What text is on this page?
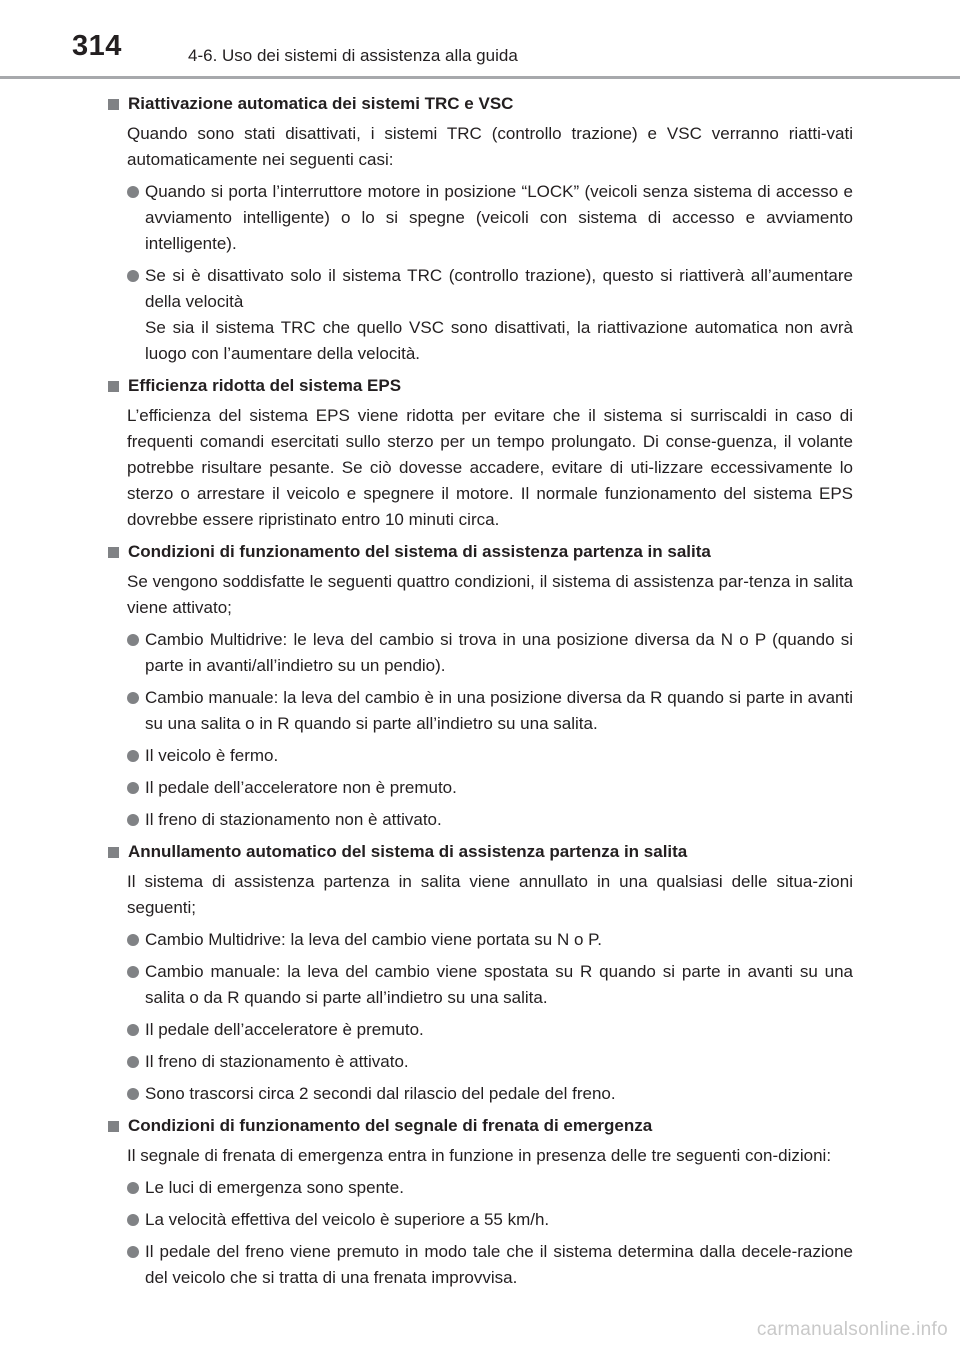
314	4-6. Uso dei sistemi di assistenza alla guida
Riattivazione automatica dei sistemi TRC e VSC
Quando sono stati disattivati, i sistemi TRC (controllo trazione) e VSC verranno riatti-vati automaticamente nei seguenti casi:
Quando si porta l’interruttore motore in posizione “LOCK” (veicoli senza sistema di accesso e avviamento intelligente) o lo si spegne (veicoli con sistema di accesso e avviamento intelligente).
Se si è disattivato solo il sistema TRC (controllo trazione), questo si riattiverà all’aumentare della velocità
Se sia il sistema TRC che quello VSC sono disattivati, la riattivazione automatica non avrà luogo con l’aumentare della velocità.
Efficienza ridotta del sistema EPS
L’efficienza del sistema EPS viene ridotta per evitare che il sistema si surriscaldi in caso di frequenti comandi esercitati sullo sterzo per un tempo prolungato. Di conse-guenza, il volante potrebbe risultare pesante. Se ciò dovesse accadere, evitare di uti-lizzare eccessivamente lo sterzo o arrestare il veicolo e spegnere il motore. Il normale funzionamento del sistema EPS dovrebbe essere ripristinato entro 10 minuti circa.
Condizioni di funzionamento del sistema di assistenza partenza in salita
Se vengono soddisfatte le seguenti quattro condizioni, il sistema di assistenza par-tenza in salita viene attivato;
Cambio Multidrive: le leva del cambio si trova in una posizione diversa da N o P (quando si parte in avanti/all’indietro su un pendio).
Cambio manuale: la leva del cambio è in una posizione diversa da R quando si parte in avanti su una salita o in R quando si parte all’indietro su una salita.
Il veicolo è fermo.
Il pedale dell’acceleratore non è premuto.
Il freno di stazionamento non è attivato.
Annullamento automatico del sistema di assistenza partenza in salita
Il sistema di assistenza partenza in salita viene annullato in una qualsiasi delle situa-zioni seguenti;
Cambio Multidrive: la leva del cambio viene portata su N o P.
Cambio manuale: la leva del cambio viene spostata su R quando si parte in avanti su una salita o da R quando si parte all’indietro su una salita.
Il pedale dell’acceleratore è premuto.
Il freno di stazionamento è attivato.
Sono trascorsi circa 2 secondi dal rilascio del pedale del freno.
Condizioni di funzionamento del segnale di frenata di emergenza
Il segnale di frenata di emergenza entra in funzione in presenza delle tre seguenti con-dizioni:
Le luci di emergenza sono spente.
La velocità effettiva del veicolo è superiore a 55 km/h.
Il pedale del freno viene premuto in modo tale che il sistema determina dalla decele-razione del veicolo che si tratta di una frenata improvvisa.
carmanualsonline.info
